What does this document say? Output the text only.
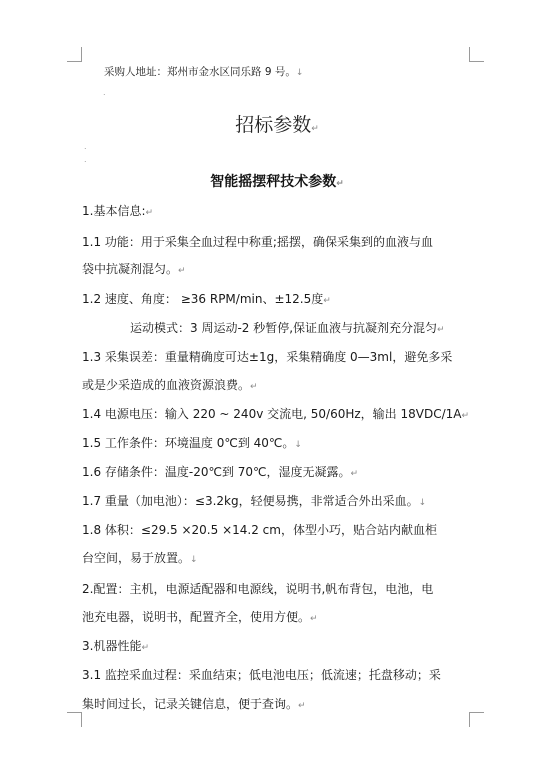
采购人地址：郑州市金水区同乐路 9 号。↓
.
.
.
招标参数↵
智能摇摆秤技术参数↵
1.基本信息:↵
1.1 功能：用于采集全血过程中称重;摇摆，确保采集到的血液与血
袋中抗凝剂混匀。↵
1.2 速度、角度： ≥36 RPM/min、±12.5度↵
运动模式：3 周运动-2 秒暂停,保证血液与抗凝剂充分混匀↵
1.3 采集误差：重量精确度可达±1g，采集精确度 0—3ml，避免多采
或是少采造成的血液资源浪费。↵
1.4 电源电压：输入 220 ~ 240v 交流电, 50/60Hz，输出 18VDC/1A↵
1.5 工作条件：环境温度 0℃到 40℃。↓
1.6 存储条件：温度-20℃到 70℃，湿度无凝露。↵
1.7 重量（加电池）：≤3.2kg，轻便易携，非常适合外出采血。↓
1.8 体积：≤29.5 ×20.5 ×14.2 cm，体型小巧，贴合站内献血柜
台空间，易于放置。↓
2.配置：主机，电源适配器和电源线，说明书,帆布背包，电池，电
池充电器，说明书，配置齐全，使用方便。↵
3.机器性能↵
3.1 监控采血过程：采血结束；低电池电压；低流速；托盘移动；采
集时间过长，记录关键信息，便于查询。↵
